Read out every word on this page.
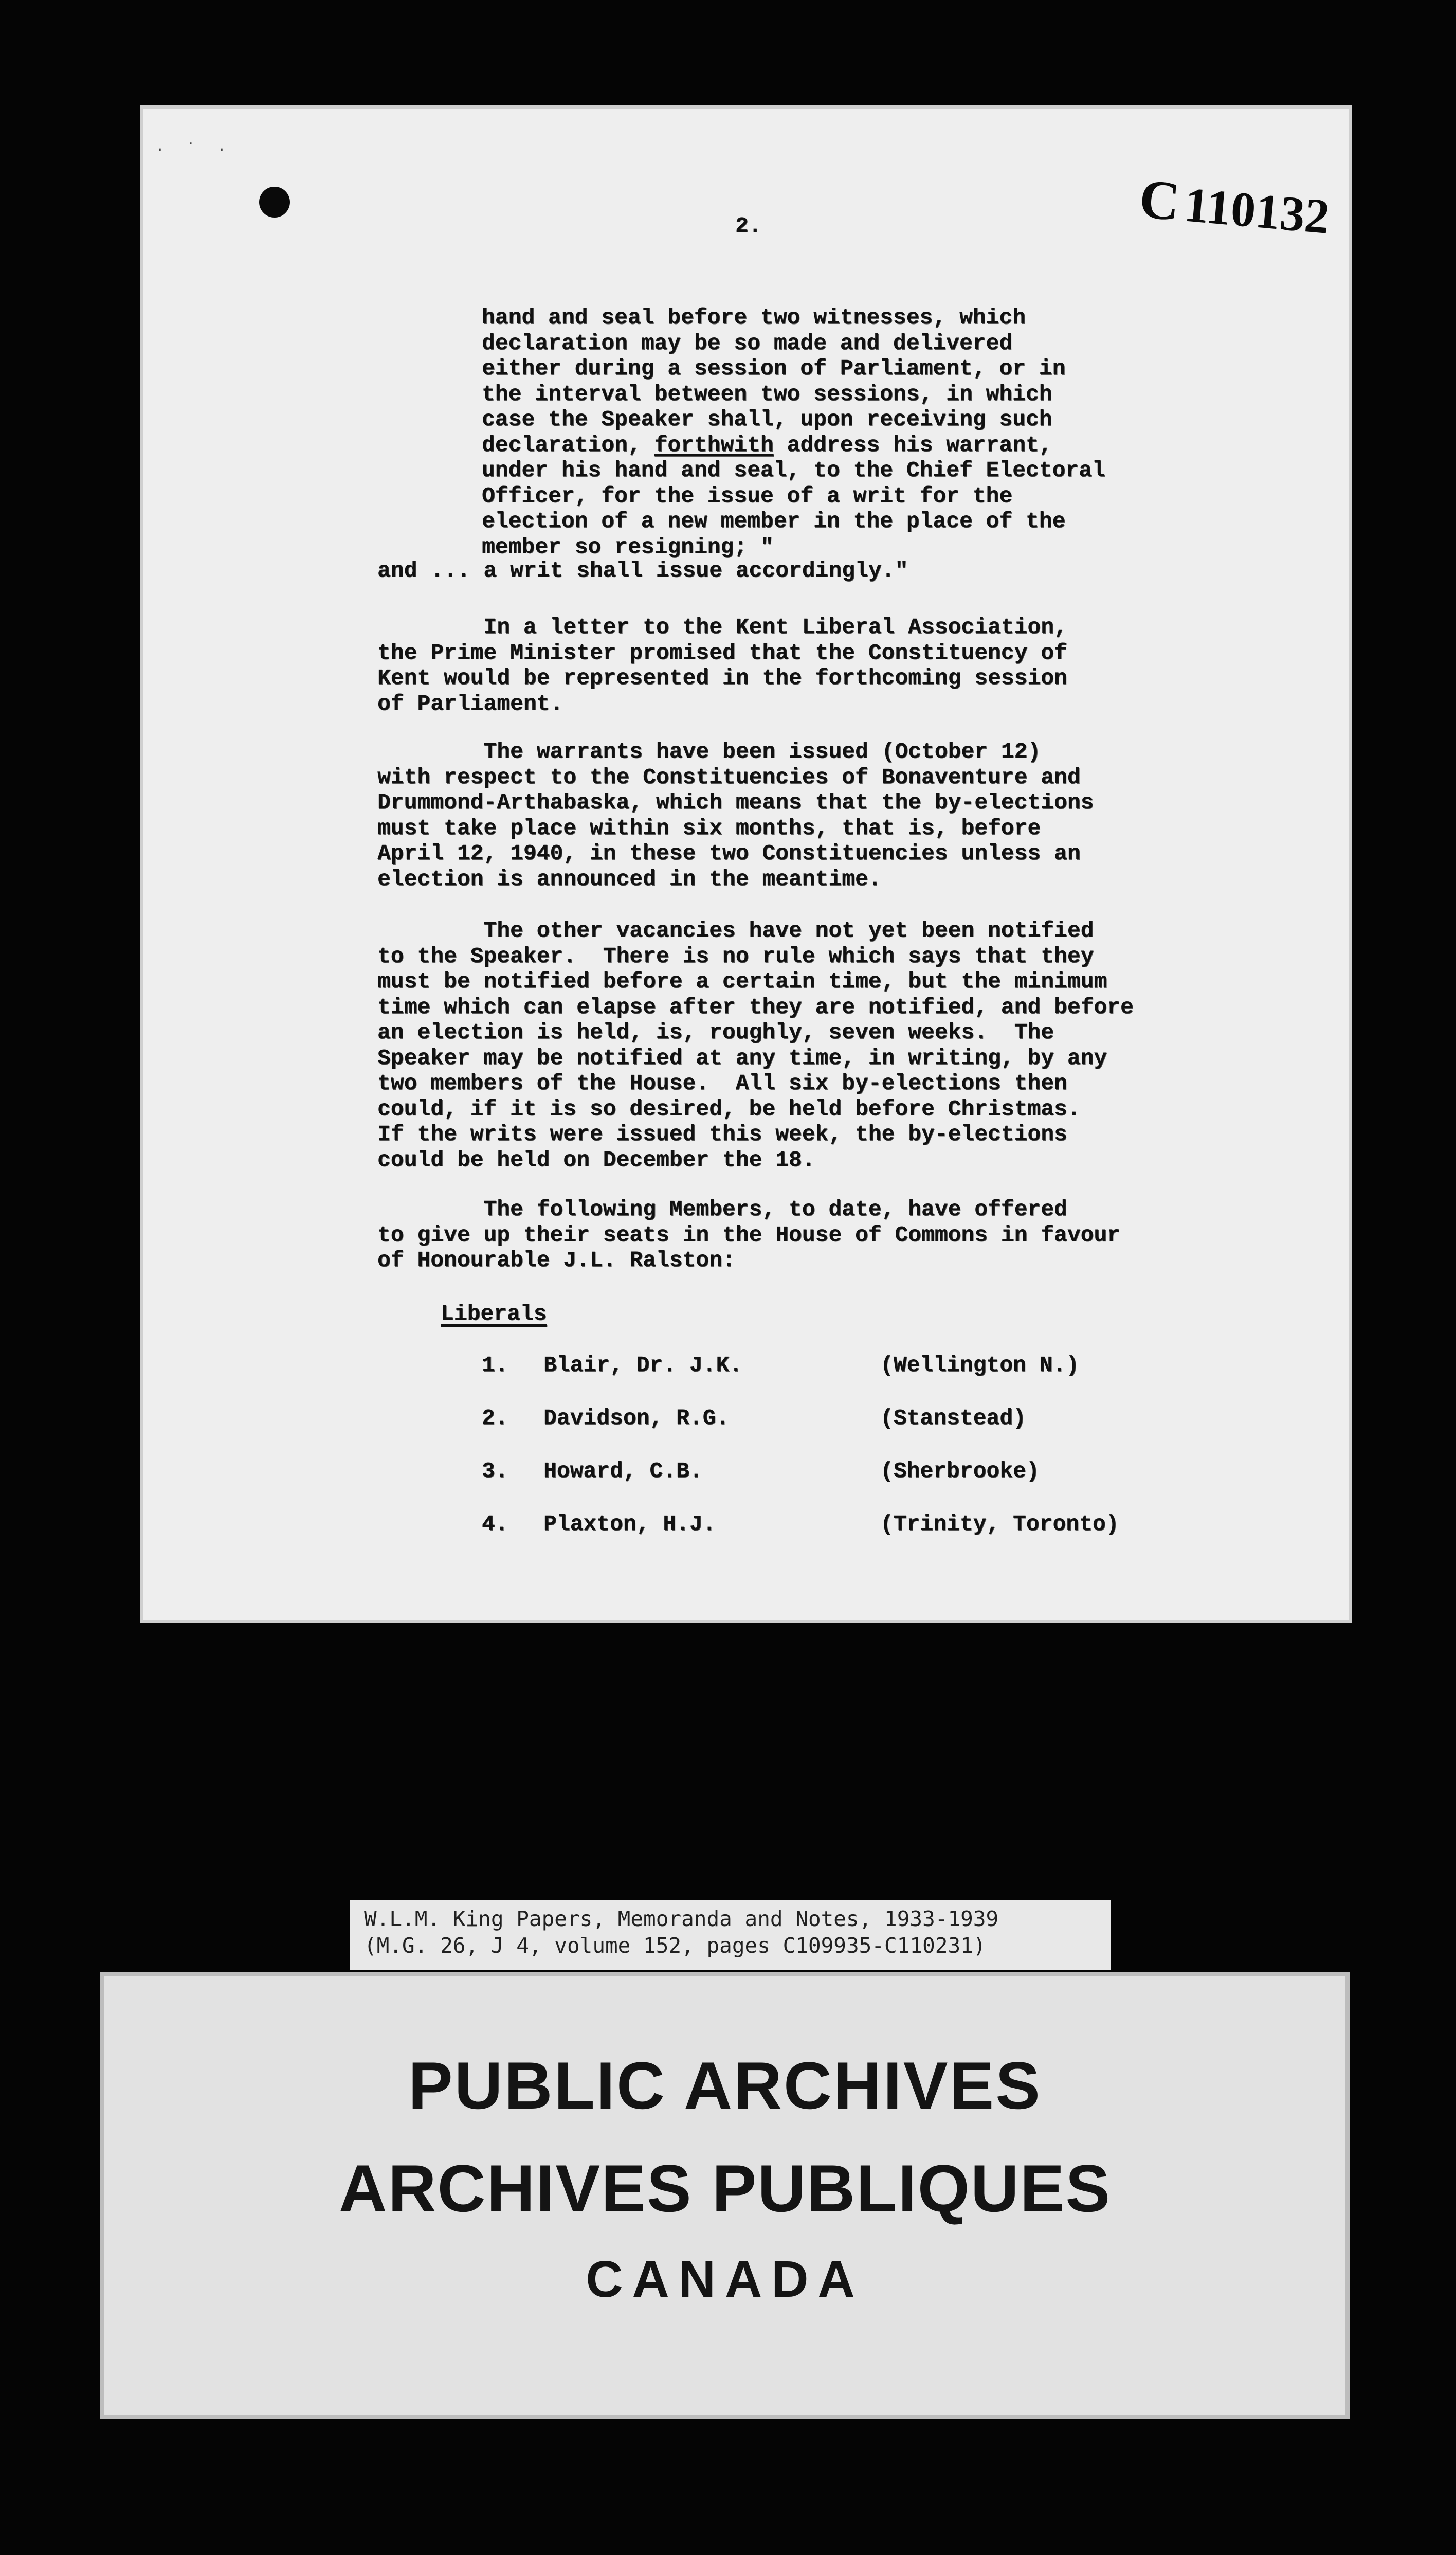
· ˙ ·
C110132
2.
hand and seal before two witnesses, which
declaration may be so made and delivered
either during a session of Parliament, or in
the interval between two sessions, in which
case the Speaker shall, upon receiving such
declaration, forthwith address his warrant,
under his hand and seal, to the Chief Electoral
Officer, for the issue of a writ for the
election of a new member in the place of the
member so resigning; "
and ... a writ shall issue accordingly."
In a letter to the Kent Liberal Association,
the Prime Minister promised that the Constituency of
Kent would be represented in the forthcoming session
of Parliament.
The warrants have been issued (October 12)
with respect to the Constituencies of Bonaventure and
Drummond-Arthabaska, which means that the by-elections
must take place within six months, that is, before
April 12, 1940, in these two Constituencies unless an
election is announced in the meantime.
The other vacancies have not yet been notified
to the Speaker.  There is no rule which says that they
must be notified before a certain time, but the minimum
time which can elapse after they are notified, and before
an election is held, is, roughly, seven weeks.  The
Speaker may be notified at any time, in writing, by any
two members of the House.  All six by-elections then
could, if it is so desired, be held before Christmas.
If the writs were issued this week, the by-elections
could be held on December the 18.
The following Members, to date, have offered
to give up their seats in the House of Commons in favour
of Honourable J.L. Ralston:
Liberals
1. Blair, Dr. J.K.	(Wellington N.)
2. Davidson, R.G.	(Stanstead)
3. Howard, C.B.	(Sherbrooke)
4. Plaxton, H.J.	(Trinity, Toronto)
W.L.M. King Papers, Memoranda and Notes, 1933-1939
(M.G. 26, J 4, volume 152, pages C109935-C110231)
PUBLIC ARCHIVES
ARCHIVES PUBLIQUES
CANADA
